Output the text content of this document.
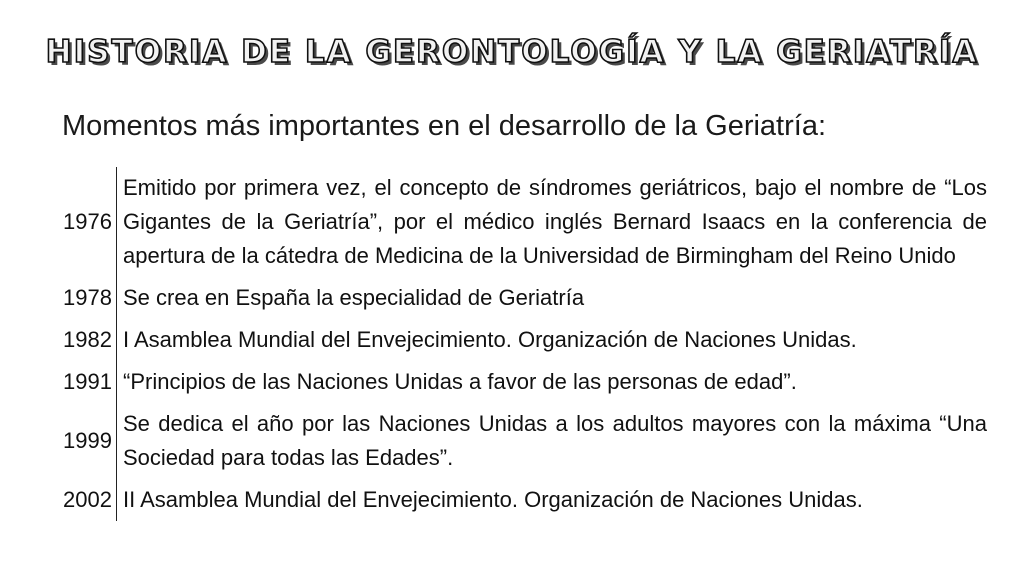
HISTORIA DE LA GERONTOLOGÍA Y LA GERIATRÍA
Momentos más importantes en el desarrollo de la Geriatría:
1976	Emitido por primera vez, el concepto de síndromes geriátricos, bajo el nombre de “Los Gigantes de la Geriatría”, por el médico inglés Bernard Isaacs en la conferencia de apertura de la cátedra de Medicina de la Universidad de Birmingham del Reino Unido
1978	Se crea en España la especialidad de Geriatría
1982	I Asamblea Mundial del Envejecimiento. Organización de Naciones Unidas.
1991	“Principios de las Naciones Unidas a favor de las personas de edad”.
1999	Se dedica el año por las Naciones Unidas a los adultos mayores con la máxima “Una Sociedad para todas las Edades”.
2002	II Asamblea Mundial del Envejecimiento. Organización de Naciones Unidas.
